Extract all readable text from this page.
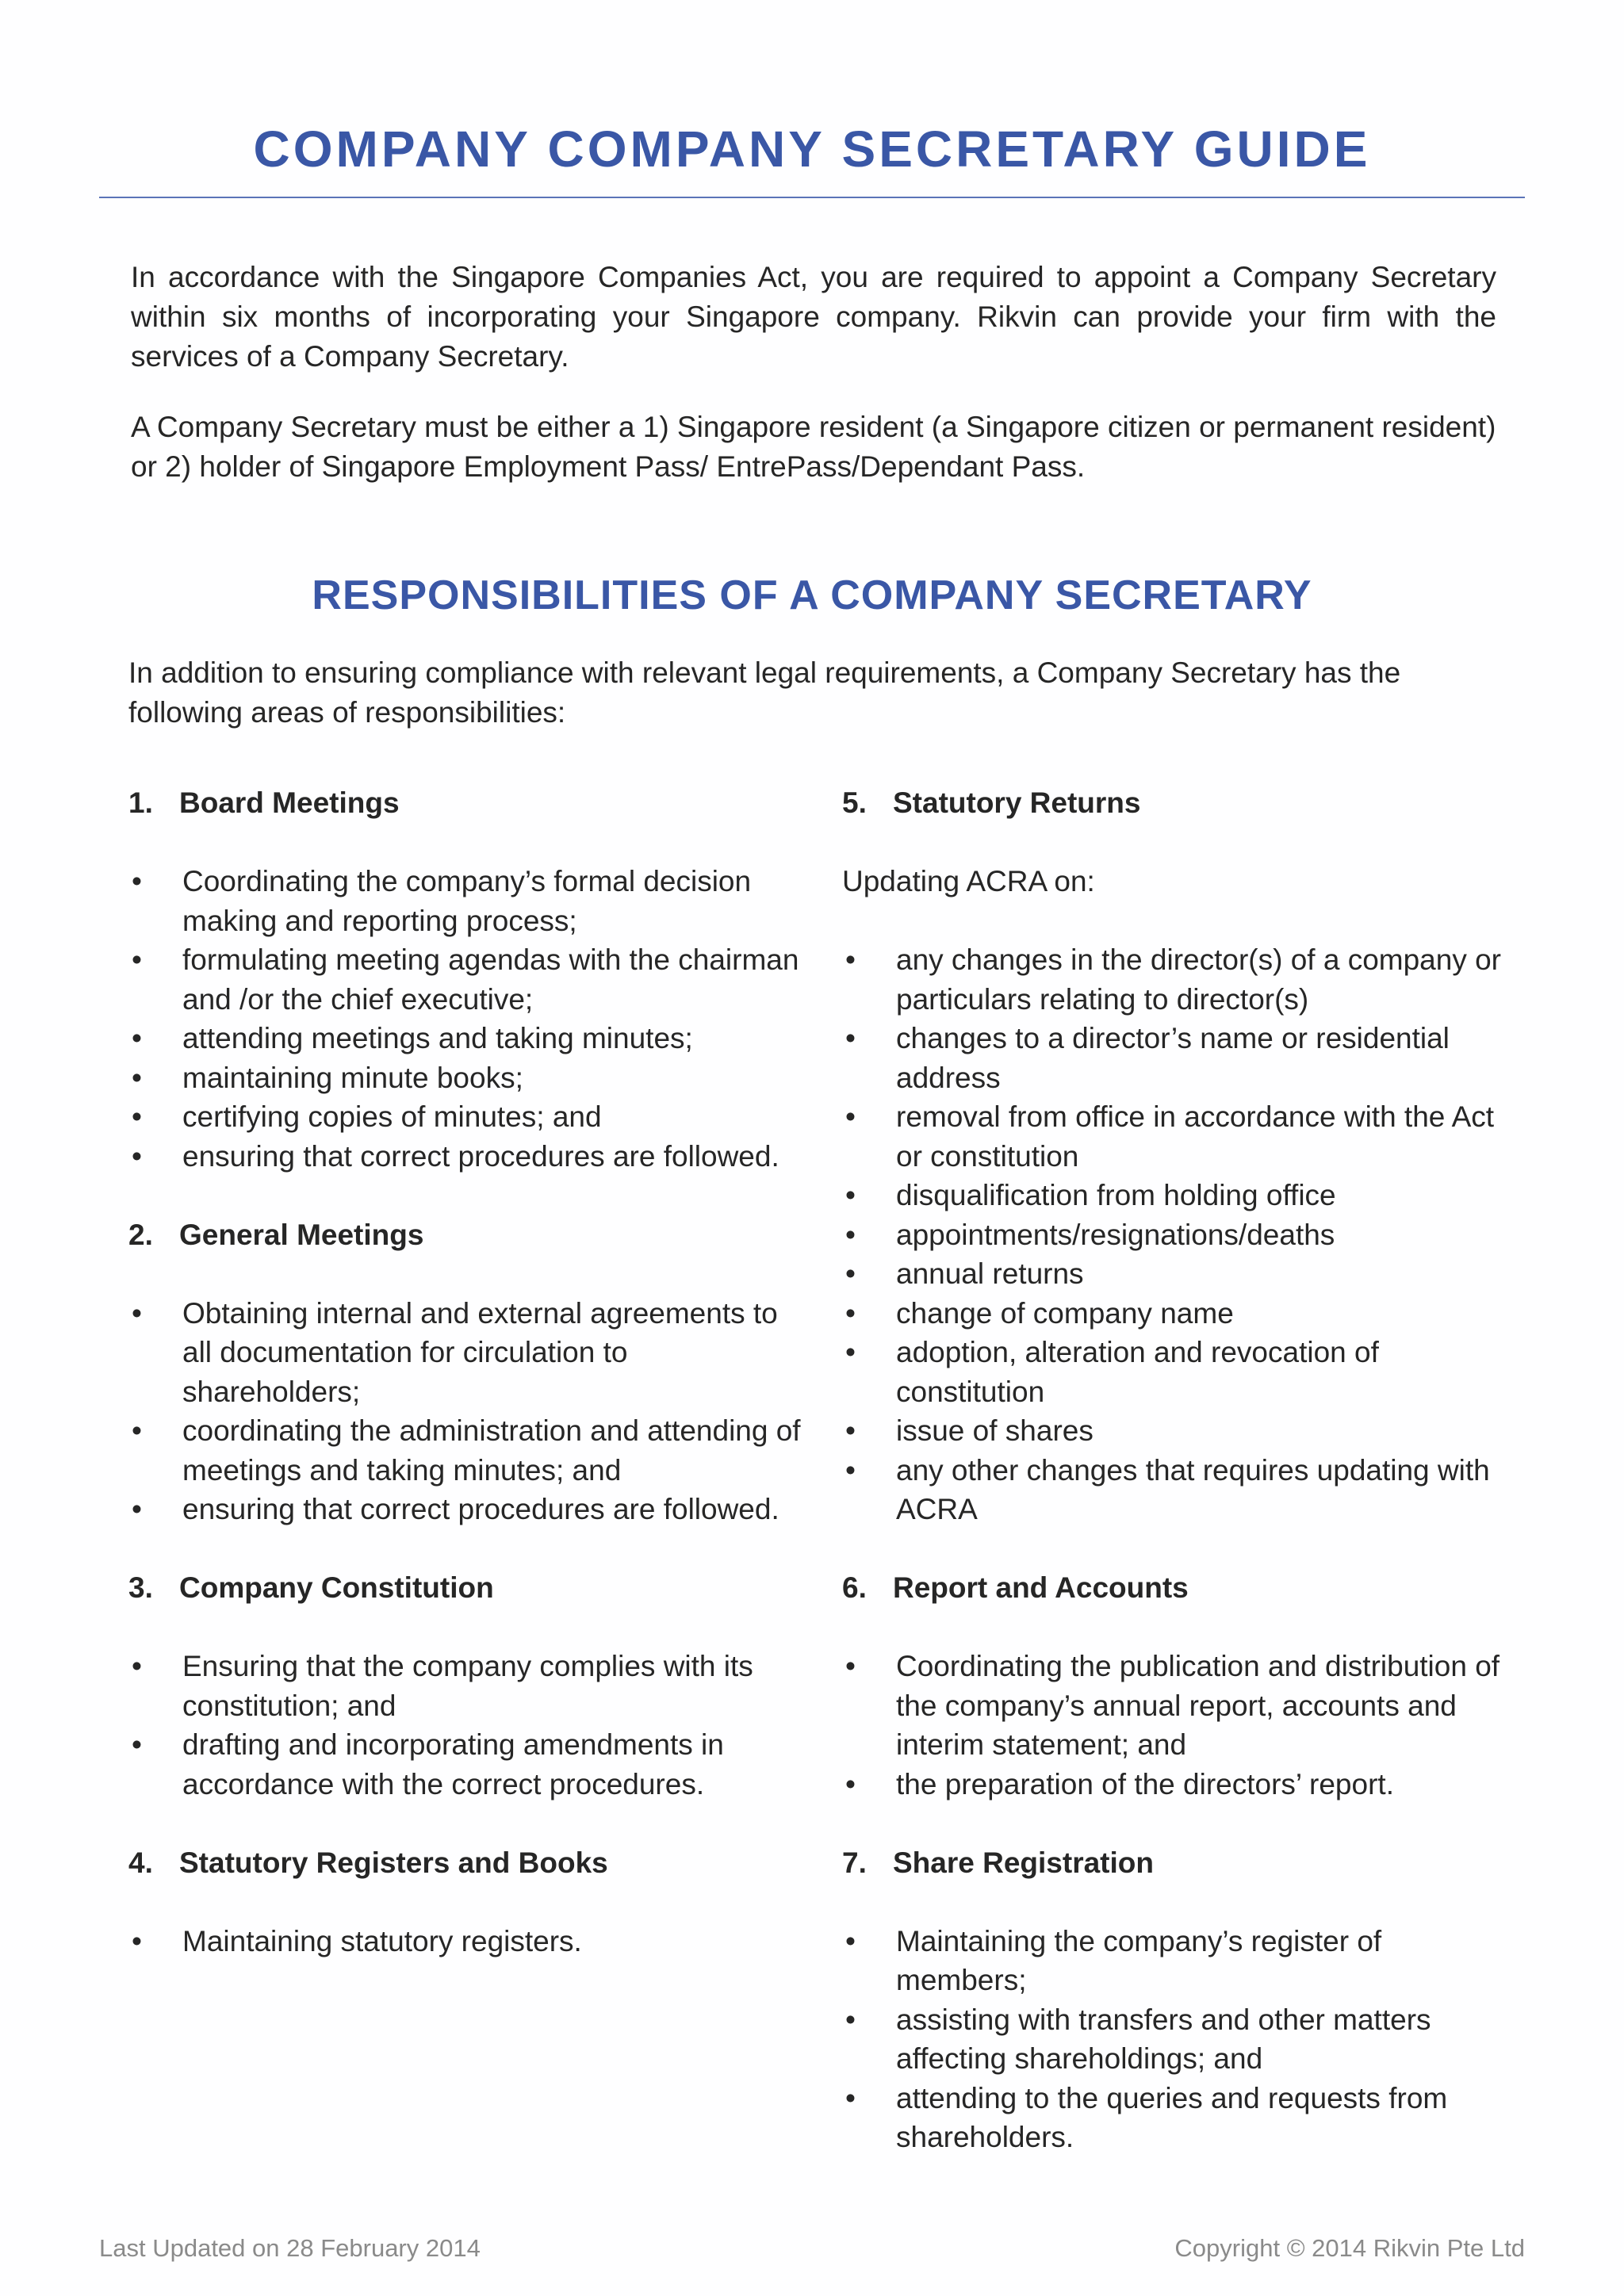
COMPANY COMPANY SECRETARY GUIDE

In accordance with the Singapore Companies Act, you are required to appoint a Company Secretary within six months of incorporating your Singapore company. Rikvin can provide your firm with the services of a Company Secretary.

A Company Secretary must be either a 1) Singapore resident (a Singapore citizen or permanent resident) or 2) holder of Singapore Employment Pass/ EntrePass/Dependant Pass.

RESPONSIBILITIES OF A COMPANY SECRETARY

In addition to ensuring compliance with relevant legal requirements, a Company Secretary has the following areas of responsibilities:

1. Board Meetings
•	Coordinating the company’s formal decision making and reporting process;
•	formulating meeting agendas with the chairman and /or the chief executive;
•	attending meetings and taking minutes;
•	maintaining minute books;
•	certifying copies of minutes; and
•	ensuring that correct procedures are followed.
2. General Meetings
•	Obtaining internal and external agreements to all documentation for circulation to shareholders;
•	coordinating the administration and attending of meetings and taking minutes; and
•	ensuring that correct procedures are followed.
3. Company Constitution
•	Ensuring that the company complies with its constitution; and
•	drafting and incorporating amendments in accordance with the correct procedures.
4. Statutory Registers and Books
•	Maintaining statutory registers.
5. Statutory Returns

Updating ACRA on:

•	any changes in the director(s) of a company or particulars relating to director(s)
•	changes to a director’s name or residential address
•	removal from office in accordance with the Act or constitution
•	disqualification from holding office
•	appointments/resignations/deaths
•	annual returns
•	change of company name
•	adoption, alteration and revocation of constitution
•	issue of shares
•	any other changes that requires updating with ACRA
6. Report and Accounts
•	Coordinating the publication and distribution of the company’s annual report, accounts and interim statement; and
•	the preparation of the directors’ report.
7. Share Registration
•	Maintaining the company’s register of members;
•	assisting with transfers and other matters affecting shareholdings; and
•	attending to the queries and requests from shareholders.

Last Updated on 28 February 2014	Copyright © 2014 Rikvin Pte Ltd
